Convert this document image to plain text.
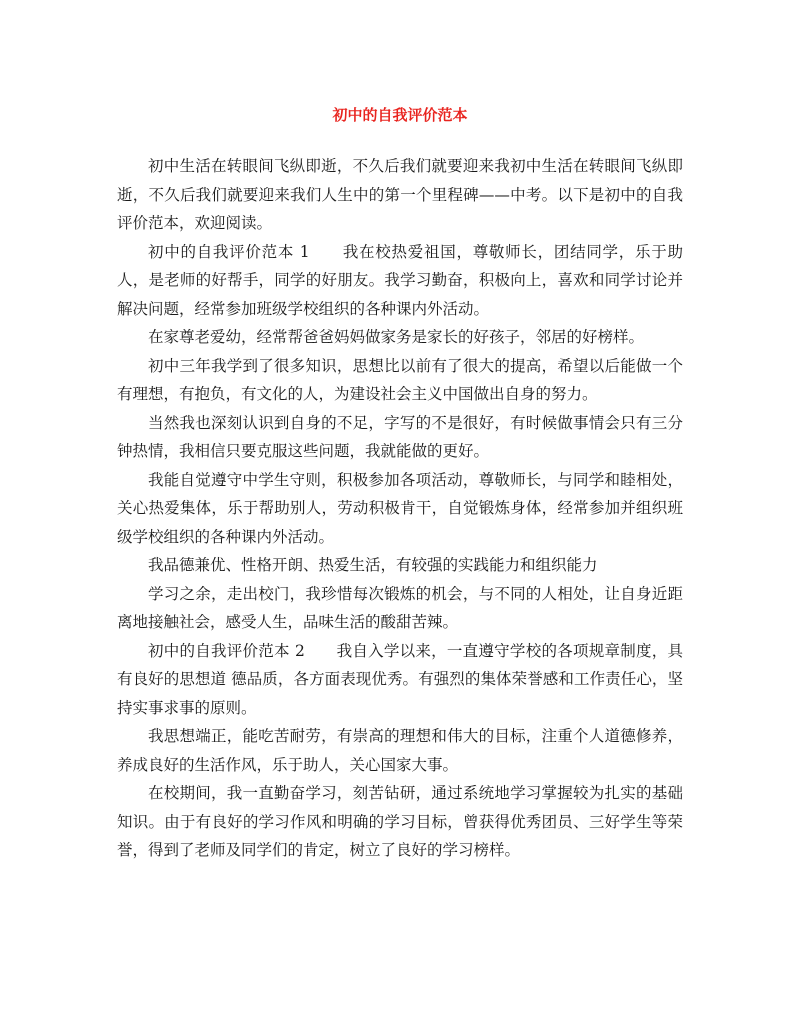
初中的自我评价范本

初中生活在转眼间飞纵即逝，不久后我们就要迎来我初中生活在转眼间飞纵即逝，不久后我们就要迎来我们人生中的第一个里程碑——中考。以下是初中的自我评价范本，欢迎阅读。

初中的自我评价范本 1　　我在校热爱祖国，尊敬师长，团结同学，乐于助人，是老师的好帮手，同学的好朋友。我学习勤奋，积极向上，喜欢和同学讨论并解决问题，经常参加班级学校组织的各种课内外活动。

在家尊老爱幼，经常帮爸爸妈妈做家务是家长的好孩子，邻居的好榜样。

初中三年我学到了很多知识，思想比以前有了很大的提高，希望以后能做一个有理想，有抱负，有文化的人，为建设社会主义中国做出自身的努力。

当然我也深刻认识到自身的不足，字写的不是很好，有时候做事情会只有三分钟热情，我相信只要克服这些问题，我就能做的更好。

我能自觉遵守中学生守则，积极参加各项活动，尊敬师长，与同学和睦相处，关心热爱集体，乐于帮助别人，劳动积极肯干，自觉锻炼身体，经常参加并组织班级学校组织的各种课内外活动。

我品德兼优、性格开朗、热爱生活，有较强的实践能力和组织能力

学习之余，走出校门，我珍惜每次锻炼的机会，与不同的人相处，让自身近距离地接触社会，感受人生，品味生活的酸甜苦辣。

初中的自我评价范本 2　　我自入学以来，一直遵守学校的各项规章制度，具有良好的思想道 德品质，各方面表现优秀。有强烈的集体荣誉感和工作责任心，坚持实事求事的原则。

我思想端正，能吃苦耐劳，有崇高的理想和伟大的目标，注重个人道德修养，养成良好的生活作风，乐于助人，关心国家大事。

在校期间，我一直勤奋学习，刻苦钻研，通过系统地学习掌握较为扎实的基础知识。由于有良好的学习作风和明确的学习目标，曾获得优秀团员、三好学生等荣誉，得到了老师及同学们的肯定，树立了良好的学习榜样。
